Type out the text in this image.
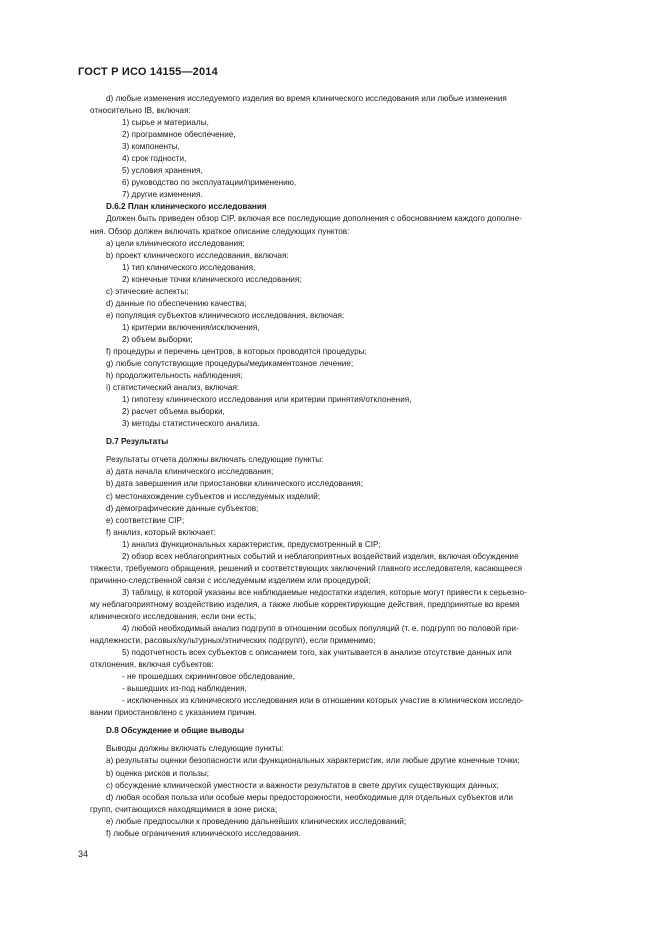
ГОСТ Р ИСО 14155—2014
d) любые изменения исследуемого изделия во время клинического исследования или любые изменения
относительно IB, включая:
1) сырье и материалы,
2) программное обеспечение,
3) компоненты,
4) срок годности,
5) условия хранения,
6) руководство по эксплуатации/применению,
7) другие изменения.
D.6.2 План клинического исследования
Должен быть приведен обзор CIP, включая все последующие дополнения с обоснованием каждого дополне-
ния. Обзор должен включать краткое описание следующих пунктов:
a) цели клинического исследования;
b) проект клинического исследования, включая:
1) тип клинического исследования,
2) конечные точки клинического исследования;
c) этические аспекты;
d) данные по обеспечению качества;
e) популяция субъектов клинического исследования, включая:
1) критерии включения/исключения,
2) объем выборки;
f) процедуры и перечень центров, в которых проводятся процедуры;
g) любые сопутствующие процедуры/медикаментозное лечение;
h) продолжительность наблюдения;
i) статистический анализ, включая:
1) гипотезу клинического исследования или критерии принятия/отклонения,
2) расчет объема выборки,
3) методы статистического анализа.
D.7 Результаты
Результаты отчета должны включать следующие пункты:
a) дата начала клинического исследования;
b) дата завершения или приостановки клинического исследования;
c) местонахождение субъектов и исследуемых изделий;
d) демографические данные субъектов;
e) соответствие CIP;
f) анализ, который включает:
1) анализ функциональных характеристик, предусмотренный в CIP;
2) обзор всех неблагоприятных событий и неблагоприятных воздействий изделия, включая обсуждение
тяжести, требуемого обращения, решений и соответствующих заключений главного исследователя, касающееся
причинно-следственной связи с исследуемым изделием или процедурой;
3) таблицу, в которой указаны все наблюдаемые недостатки изделия, которые могут привести к серьезно-
му неблагоприятному воздействию изделия, а также любые корректирующие действия, предпринятые во время
клинического исследования, если они есть;
4) любой необходимый анализ подгрупп в отношении особых популяций (т. е. подгрупп по половой при-
надлежности, расовых/культурных/этнических подгрупп), если применимо;
5) подотчетность всех субъектов с описанием того, как учитывается в анализе отсутствие данных или
отклонения, включая субъектов:
- не прошедших скрининговое обследование,
- вышедших из-под наблюдения,
- исключенных из клинического исследования или в отношении которых участие в клиническом исследо-
вании приостановлено с указанием причин.
D.8 Обсуждение и общие выводы
Выводы должны включать следующие пункты:
a) результаты оценки безопасности или функциональных характеристик, или любые другие конечные точки;
b) оценка рисков и пользы;
c) обсуждение клинической уместности и важности результатов в свете других существующих данных;
d) любая особая польза или особые меры предосторожности, необходимые для отдельных субъектов или
групп, считающихся находящимися в зоне риска;
e) любые предпосылки к проведению дальнейших клинических исследований;
f) любые ограничения клинического исследования.
34
